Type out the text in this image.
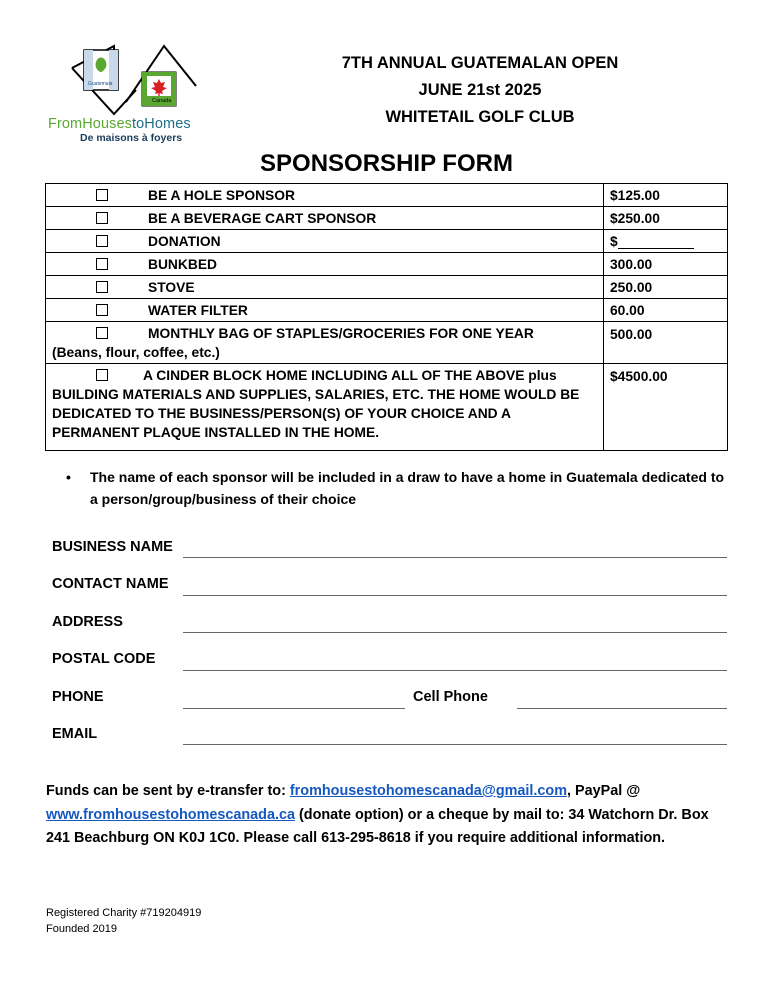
Guatemala
Canada
FromHousestoHomes
De maisons à foyers
7TH ANNUAL GUATEMALAN OPEN
JUNE 21st 2025
WHITETAIL GOLF CLUB
SPONSORSHIP FORM
BE A HOLE SPONSOR	$125.00
BE A BEVERAGE CART SPONSOR	$250.00
DONATION	$
BUNKBED	300.00
STOVE	250.00
WATER FILTER	60.00
MONTHLY BAG OF STAPLES/GROCERIES FOR ONE YEAR
(Beans, flour, coffee, etc.)	500.00
A CINDER BLOCK HOME INCLUDING ALL OF THE ABOVE plus BUILDING MATERIALS AND SUPPLIES, SALARIES, ETC. THE HOME WOULD BE DEDICATED TO THE BUSINESS/PERSON(S) OF YOUR CHOICE AND A PERMANENT PLAQUE INSTALLED IN THE HOME.	$4500.00
• The name of each sponsor will be included in a draw to have a home in Guatemala dedicated to a person/group/business of their choice
BUSINESS NAME
CONTACT NAME
ADDRESS
POSTAL CODE
PHONE	Cell Phone
EMAIL
Funds can be sent by e-transfer to: fromhousestohomescanada@gmail.com, PayPal @ www.fromhousestohomescanada.ca (donate option) or a cheque by mail to: 34 Watchorn Dr. Box 241 Beachburg ON K0J 1C0. Please call 613-295-8618 if you require additional information.
Registered Charity #719204919
Founded 2019
